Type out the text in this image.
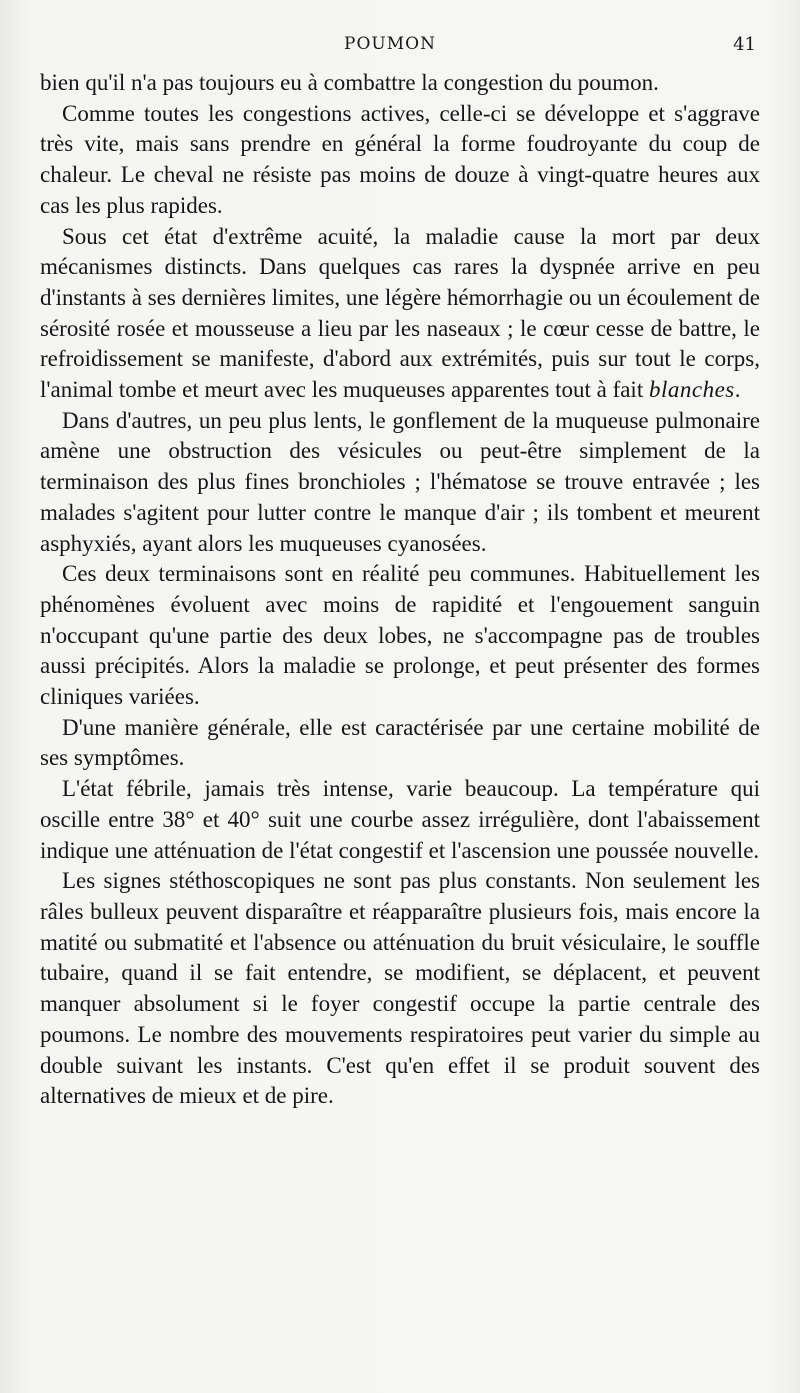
POUMON	41

bien qu'il n'a pas toujours eu à combattre la congestion du poumon.

Comme toutes les congestions actives, celle-ci se développe et s'aggrave très vite, mais sans prendre en général la forme foudroyante du coup de chaleur. Le cheval ne résiste pas moins de douze à vingt-quatre heures aux cas les plus rapides.

Sous cet état d'extrême acuité, la maladie cause la mort par deux mécanismes distincts. Dans quelques cas rares la dyspnée arrive en peu d'instants à ses dernières limites, une légère hémorrhagie ou un écoulement de sérosité rosée et mousseuse a lieu par les naseaux ; le cœur cesse de battre, le refroidissement se manifeste, d'abord aux extrémités, puis sur tout le corps, l'animal tombe et meurt avec les muqueuses apparentes tout à fait blanches.

Dans d'autres, un peu plus lents, le gonflement de la muqueuse pulmonaire amène une obstruction des vésicules ou peut-être simplement de la terminaison des plus fines bronchioles ; l'hématose se trouve entravée ; les malades s'agitent pour lutter contre le manque d'air ; ils tombent et meurent asphyxiés, ayant alors les muqueuses cyanosées.

Ces deux terminaisons sont en réalité peu communes. Habituellement les phénomènes évoluent avec moins de rapidité et l'engouement sanguin n'occupant qu'une partie des deux lobes, ne s'accompagne pas de troubles aussi précipités. Alors la maladie se prolonge, et peut présenter des formes cliniques variées.

D'une manière générale, elle est caractérisée par une certaine mobilité de ses symptômes.

L'état fébrile, jamais très intense, varie beaucoup. La température qui oscille entre 38° et 40° suit une courbe assez irrégulière, dont l'abaissement indique une atténuation de l'état congestif et l'ascension une poussée nouvelle.

Les signes stéthoscopiques ne sont pas plus constants. Non seulement les râles bulleux peuvent disparaître et réapparaître plusieurs fois, mais encore la matité ou submatité et l'absence ou atténuation du bruit vésiculaire, le souffle tubaire, quand il se fait entendre, se modifient, se déplacent, et peuvent manquer absolument si le foyer congestif occupe la partie centrale des poumons. Le nombre des mouvements respiratoires peut varier du simple au double suivant les instants. C'est qu'en effet il se produit souvent des alternatives de mieux et de pire.
